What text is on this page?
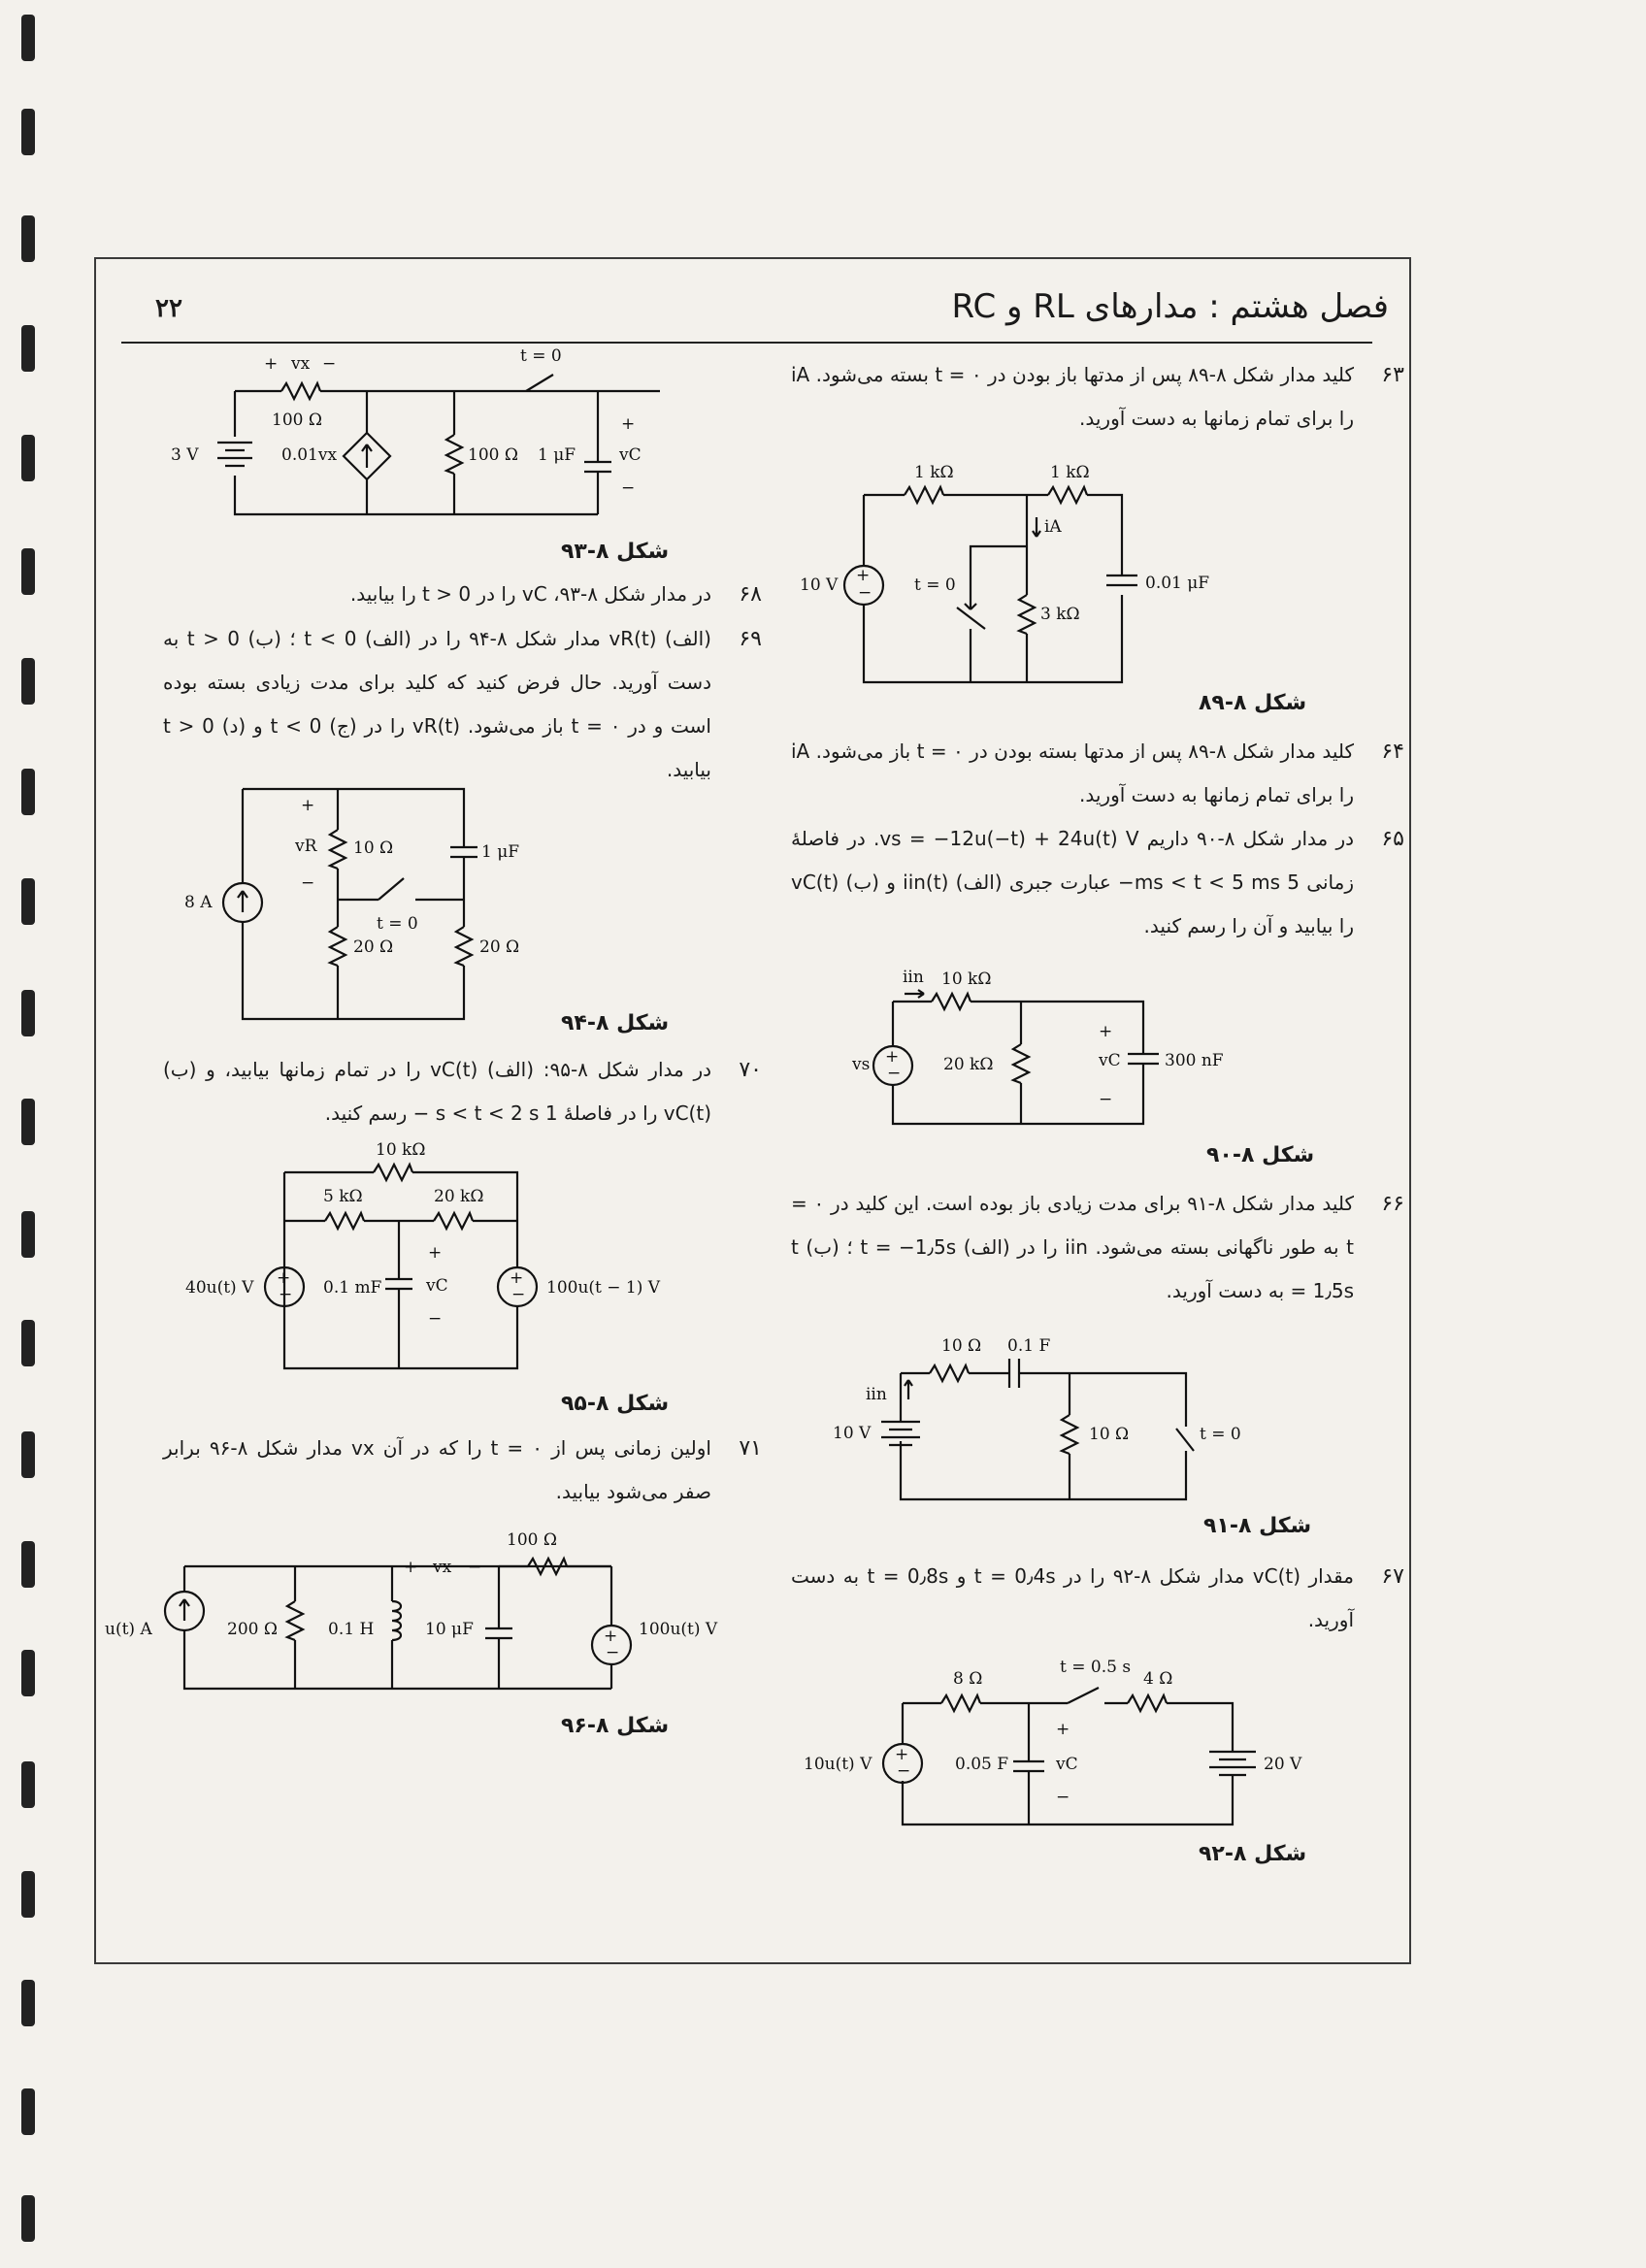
۲۲	فصل هشتم : مدارهای RL و RC
۶۳
کلید مدار شکل ۸-۸۹ پس از مدتها باز بودن در ۰ = t بسته می‌شود. iA را برای تمام زمانها به دست آورید.
+
−
1 kΩ	1 kΩ
iA
10 V	t = 0
3 kΩ
0.01 μF
شکل ۸-۸۹
۶۴
کلید مدار شکل ۸-۸۹ پس از مدتها بسته بودن در ۰ = t باز می‌شود. iA را برای تمام زمانها به دست آورید.
۶۵
در مدار شکل ۸-۹۰ داریم vs = −12u(−t) + 24u(t) V. در فاصلهٔ زمانی 5 ms < t < 5 ms− عبارت جبری (الف) iin(t) و (ب) vC(t) را بیابید و آن را رسم کنید.
+
−
iin 10 kΩ
vs	20 kΩ
+
vC
−
300 nF
شکل ۸-۹۰
۶۶
کلید مدار شکل ۸-۹۱ برای مدت زیادی باز بوده است. این کلید در ۰ = t به طور ناگهانی بسته می‌شود. iin را در (الف) t = −1٫5s ؛ (ب) t = 1٫5s به دست آورید.
10 Ω 0.1 F
iin
10 V	10 Ω	t = 0
شکل ۸-۹۱
۶۷
مقدار vC(t) مدار شکل ۸-۹۲ را در t = 0٫4s و t = 0٫8s به دست آورید.
+
−
t = 0.5 s
8 Ω	4 Ω
10u(t) V	0.05 F
+
vC
−
20 V
شکل ۸-۹۲
+ vx −	t = 0
100 Ω
3 V	0.01vx	100 Ω 1 μF
+
vC
−
شکل ۸-۹۳
۶۸
در مدار شکل ۸-۹۳، vC را در t > 0 را بیابید.
۶۹
(الف) vR(t) مدار شکل ۸-۹۴ را در (الف) t < 0 ؛ (ب) t > 0 به دست آورید. حال فرض کنید که کلید برای مدت زیادی بسته بوده است و در ۰ = t باز می‌شود. vR(t) را در (ج) t < 0 و (د) t > 0 بیابید.
+
vR
−
10 Ω	1 μF
8 A
t = 0
20 Ω	20 Ω
شکل ۸-۹۴
۷۰
در مدار شکل ۸-۹۵: (الف) vC(t) را در تمام زمانها بیابید، و (ب) vC(t) را در فاصلهٔ 1 s < t < 2 s − رسم کنید.
+
−
+
−
10 kΩ
5 kΩ	20 kΩ
40u(t) V	0.1 mF
+
vC
−
100u(t − 1) V
شکل ۸-۹۵
۷۱
اولین زمانی پس از ۰ = t را که در آن vx مدار شکل ۸-۹۶ برابر صفر می‌شود بیابید.
+
−
100 Ω
+ vx −
u(t) A	200 Ω	0.1 H	10 μF	100u(t) V
شکل ۸-۹۶
